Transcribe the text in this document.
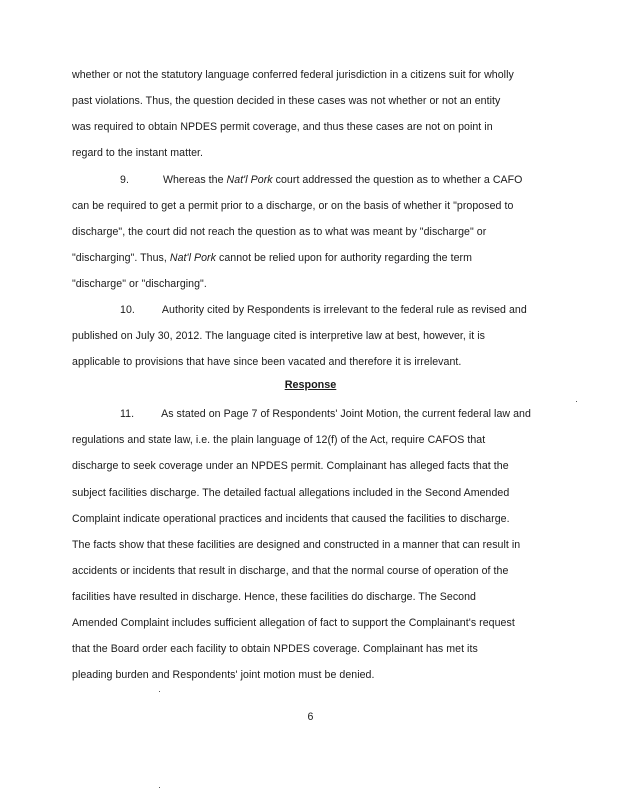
whether or not the statutory language conferred federal jurisdiction in a citizens suit for wholly
past violations. Thus, the question decided in these cases was not whether or not an entity
was required to obtain NPDES permit coverage, and thus these cases are not on point in
regard to the instant matter.
9.	Whereas the Nat'l Pork court addressed the question as to whether a CAFO
can be required to get a permit prior to a discharge, or on the basis of whether it "proposed to
discharge", the court did not reach the question as to what was meant by "discharge" or
"discharging". Thus, Nat'l Pork cannot be relied upon for authority regarding the term
"discharge" or "discharging".
10.	Authority cited by Respondents is irrelevant to the federal rule as revised and
published on July 30, 2012. The language cited is interpretive law at best, however, it is
applicable to provisions that have since been vacated and therefore it is irrelevant.
Response
11.	As stated on Page 7 of Respondents' Joint Motion, the current federal law and
regulations and state law, i.e. the plain language of 12(f) of the Act, require CAFOS that
discharge to seek coverage under an NPDES permit. Complainant has alleged facts that the
subject facilities discharge. The detailed factual allegations included in the Second Amended
Complaint indicate operational practices and incidents that caused the facilities to discharge.
The facts show that these facilities are designed and constructed in a manner that can result in
accidents or incidents that result in discharge, and that the normal course of operation of the
facilities have resulted in discharge. Hence, these facilities do discharge. The Second
Amended Complaint includes sufficient allegation of fact to support the Complainant's request
that the Board order each facility to obtain NPDES coverage. Complainant has met its
pleading burden and Respondents' joint motion must be denied.
6
